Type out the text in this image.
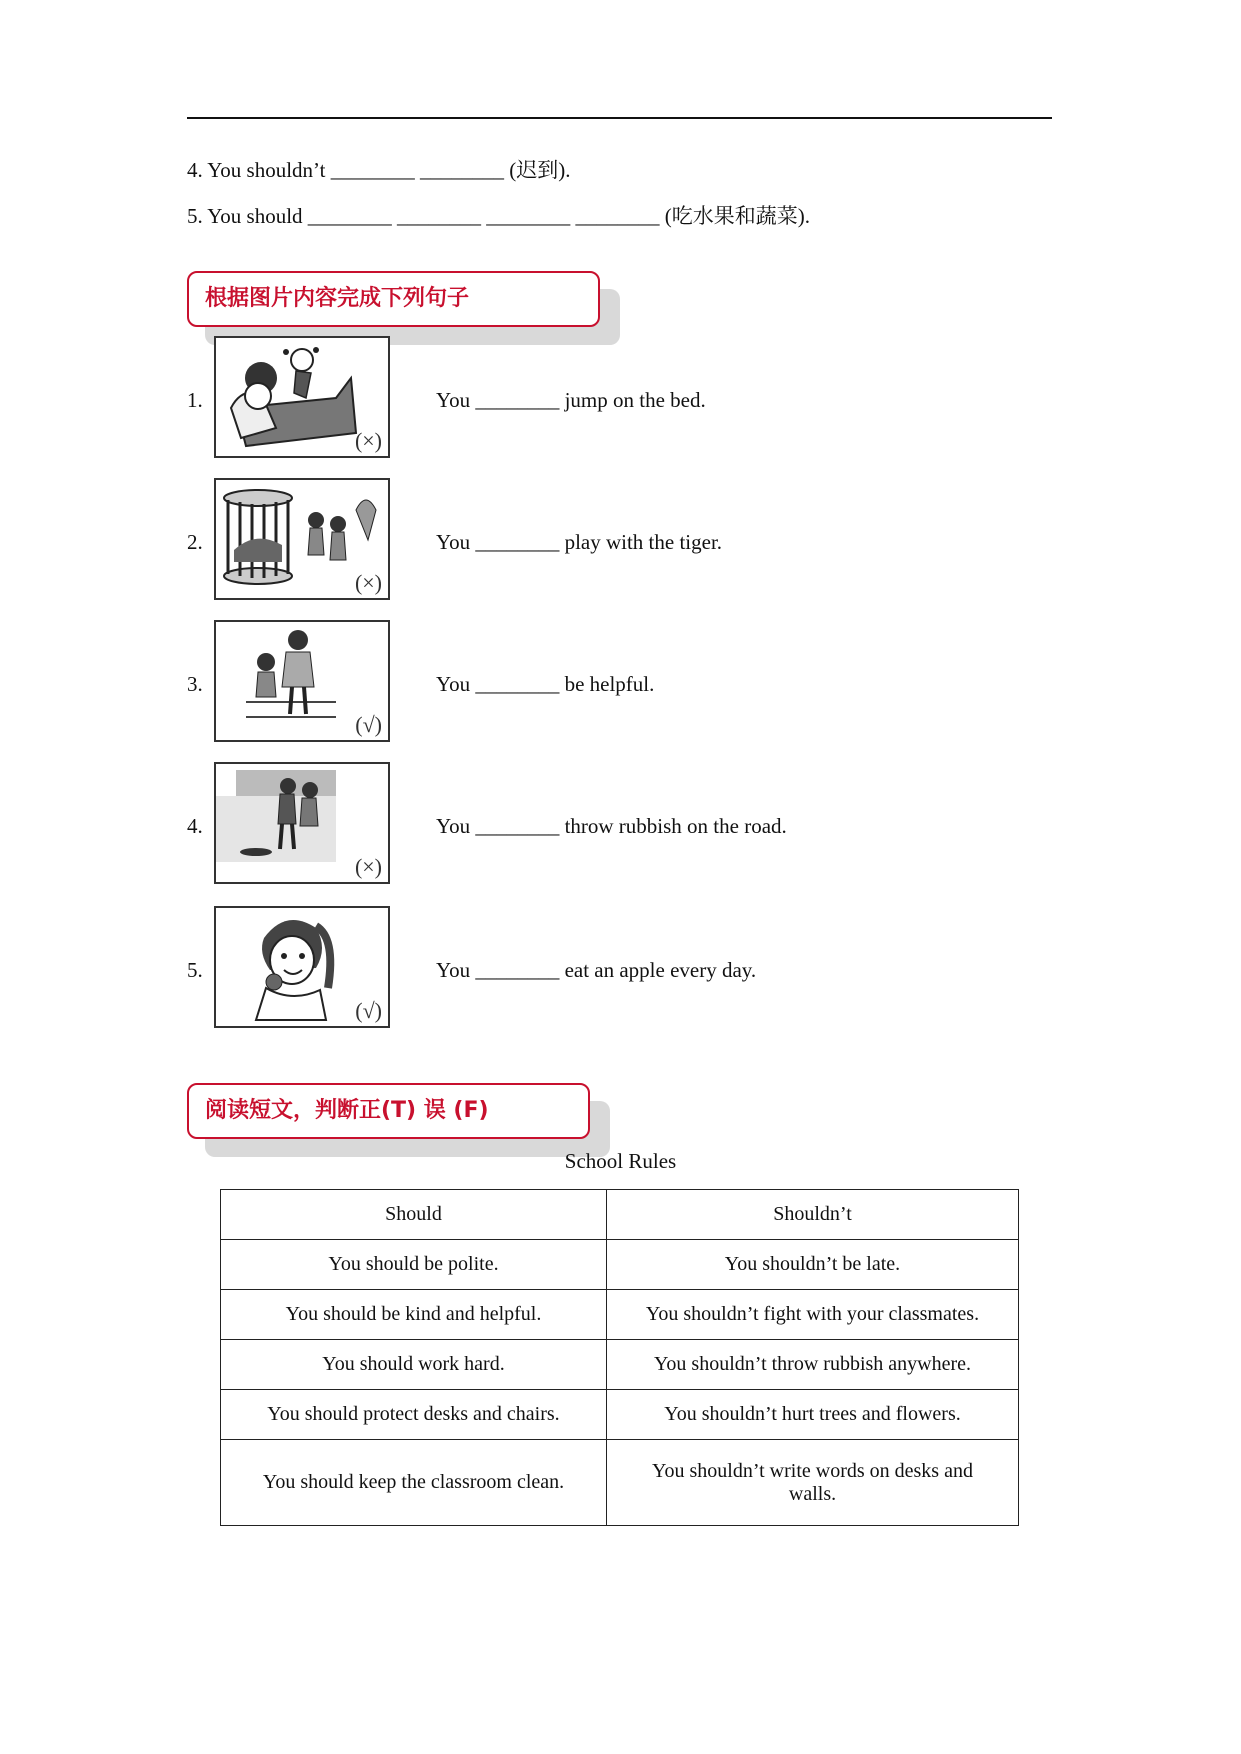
4. You shouldn’t ________ ________ (迟到).
5. You should ________ ________ ________ ________ (吃水果和蔬菜).
根据图片内容完成下列句子
1.
(×)
You ________ jump on the bed.
2.
(×)
You ________ play with the tiger.
3.
(√)
You ________ be helpful.
4.
(×)
You ________ throw rubbish on the road.
5.
(√)
You ________ eat an apple every day.
阅读短文，判断正(T) 误 (F)
School Rules
Should	Shouldn’t
You should be polite.	You shouldn’t be late.
You should be kind and helpful.	You shouldn’t fight with your classmates.
You should work hard.	You shouldn’t throw rubbish anywhere.
You should protect desks and chairs.	You shouldn’t hurt trees and flowers.
You should keep the classroom clean.	You shouldn’t write words on desks and walls.
